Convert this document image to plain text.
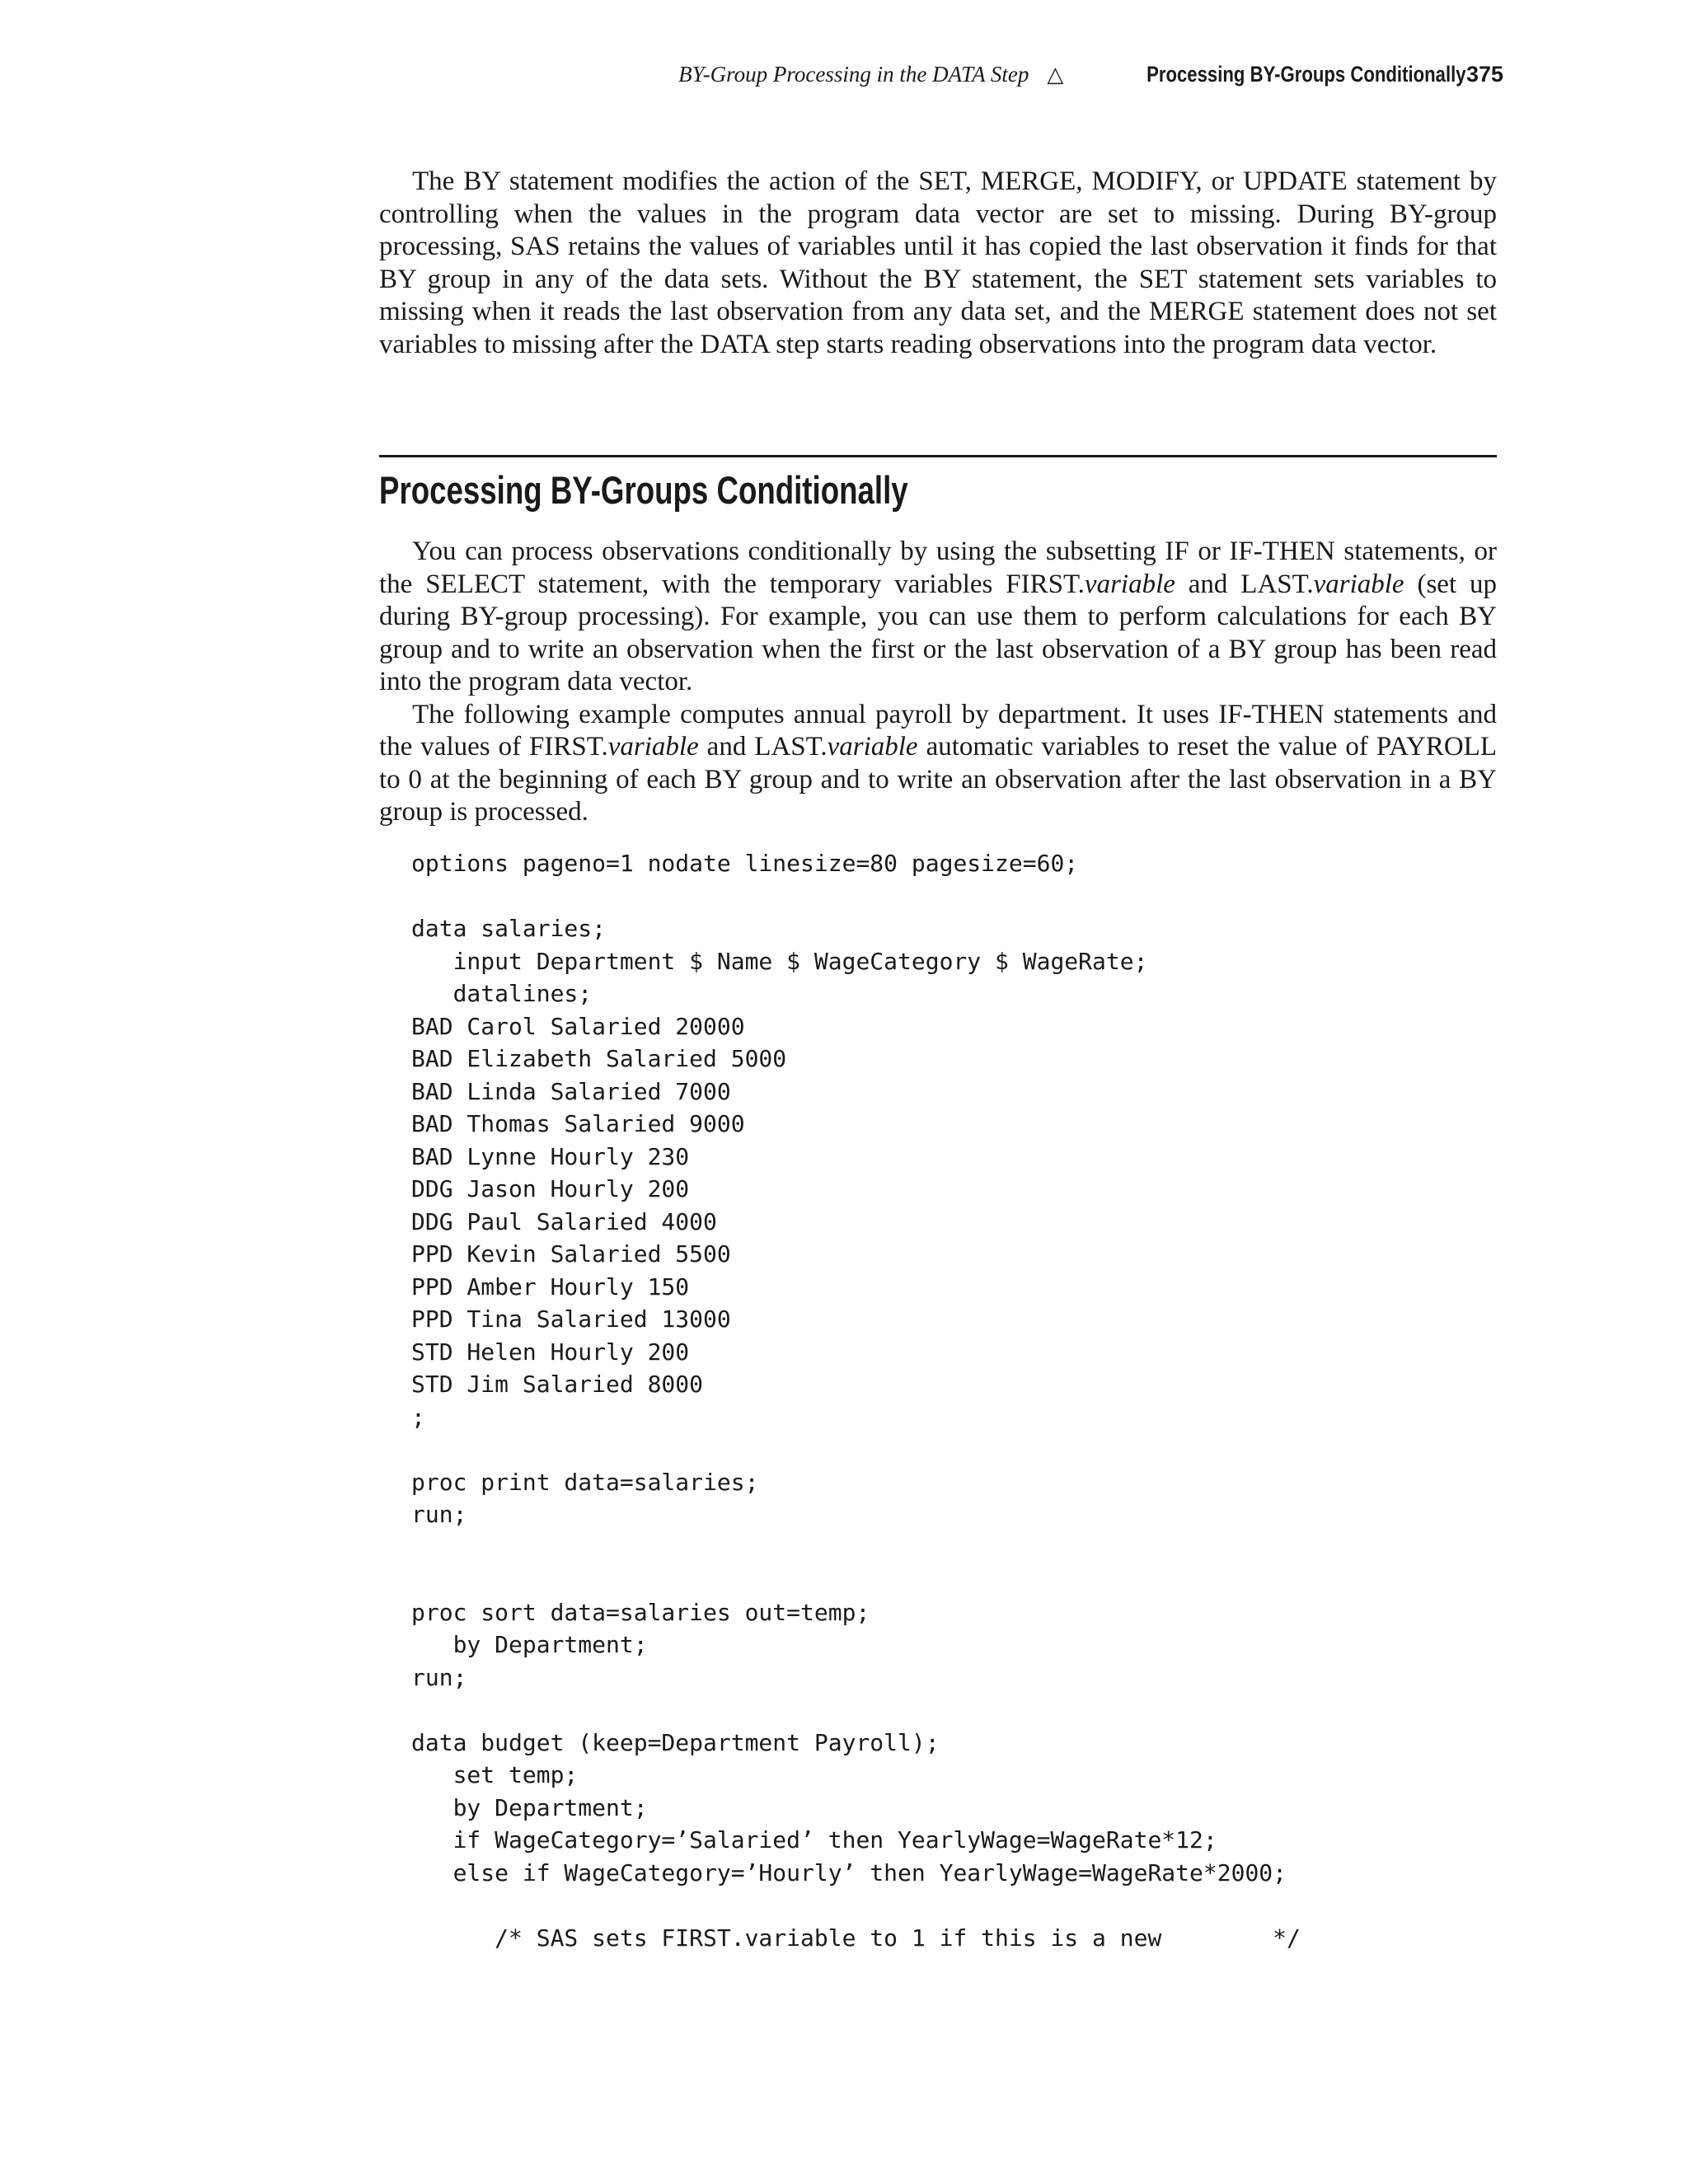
BY-Group Processing in the DATA Step △	Processing BY-Groups Conditionally375

The BY statement modifies the action of the SET, MERGE, MODIFY, or UPDATE statement by controlling when the values in the program data vector are set to missing. During BY-group processing, SAS retains the values of variables until it has copied the last observation it finds for that BY group in any of the data sets. Without the BY statement, the SET statement sets variables to missing when it reads the last observation from any data set, and the MERGE statement does not set variables to missing after the DATA step starts reading observations into the program data vector.

Processing BY-Groups Conditionally

You can process observations conditionally by using the subsetting IF or IF-THEN statements, or the SELECT statement, with the temporary variables FIRST.variable and LAST.variable (set up during BY-group processing). For example, you can use them to perform calculations for each BY group and to write an observation when the first or the last observation of a BY group has been read into the program data vector.

The following example computes annual payroll by department. It uses IF-THEN statements and the values of FIRST.variable and LAST.variable automatic variables to reset the value of PAYROLL to 0 at the beginning of each BY group and to write an observation after the last observation in a BY group is processed.

options pageno=1 nodate linesize=80 pagesize=60;

data salaries;
input Department $ Name $ WageCategory $ WageRate;
datalines;
BAD Carol Salaried 20000
BAD Elizabeth Salaried 5000
BAD Linda Salaried 7000
BAD Thomas Salaried 9000
BAD Lynne Hourly 230
DDG Jason Hourly 200
DDG Paul Salaried 4000
PPD Kevin Salaried 5500
PPD Amber Hourly 150
PPD Tina Salaried 13000
STD Helen Hourly 200
STD Jim Salaried 8000
;

proc print data=salaries;
run;

proc sort data=salaries out=temp;
by Department;
run;

data budget (keep=Department Payroll);
set temp;
by Department;
if WageCategory=’Salaried’ then YearlyWage=WageRate*12;
else if WageCategory=’Hourly’ then YearlyWage=WageRate*2000;

/* SAS sets FIRST.variable to 1 if this is a new        */
